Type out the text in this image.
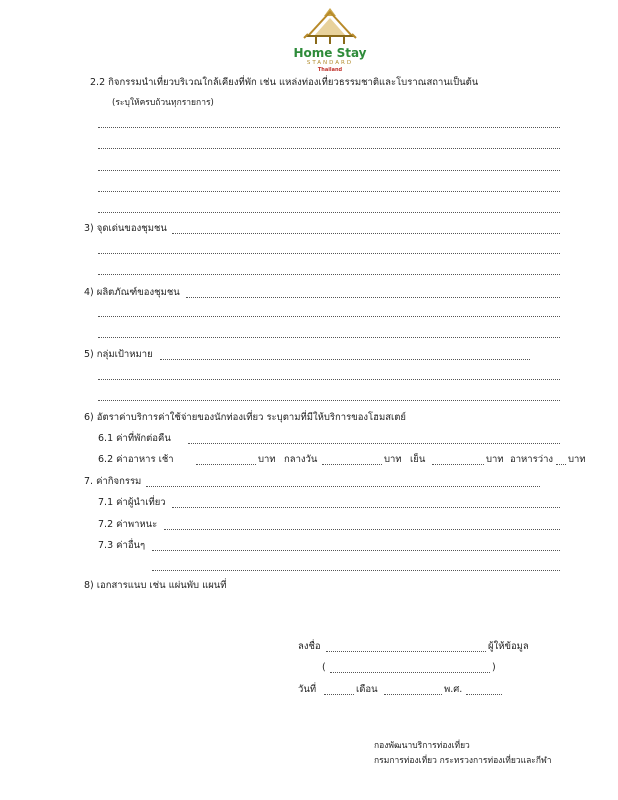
Home Stay
STANDARD
Thailand
2.2 กิจกรรมนำเที่ยวบริเวณใกล้เคียงที่พัก เช่น แหล่งท่องเที่ยวธรรมชาติและโบราณสถานเป็นต้น
(ระบุให้ครบถ้วนทุกรายการ)
3) จุดเด่นของชุมชน
4) ผลิตภัณฑ์ของชุมชน
5) กลุ่มเป้าหมาย
6) อัตราค่าบริการค่าใช้จ่ายของนักท่องเที่ยว ระบุตามที่มีให้บริการของโฮมสเตย์
6.1 ค่าที่พักต่อคืน
6.2 ค่าอาหาร เช้า	บาท กลางวัน	บาท เย็น	บาท อาหารว่าง บาท
7. ค่ากิจกรรม
7.1 ค่าผู้นำเที่ยว
7.2 ค่าพาหนะ
7.3 ค่าอื่นๆ
8) เอกสารแนบ เช่น แผ่นพับ แผนที่
ลงชื่อ	ผู้ให้ข้อมูล
(	)
วันที่	เดือน	พ.ศ.
กองพัฒนาบริการท่องเที่ยว
กรมการท่องเที่ยว กระทรวงการท่องเที่ยวและกีฬา
